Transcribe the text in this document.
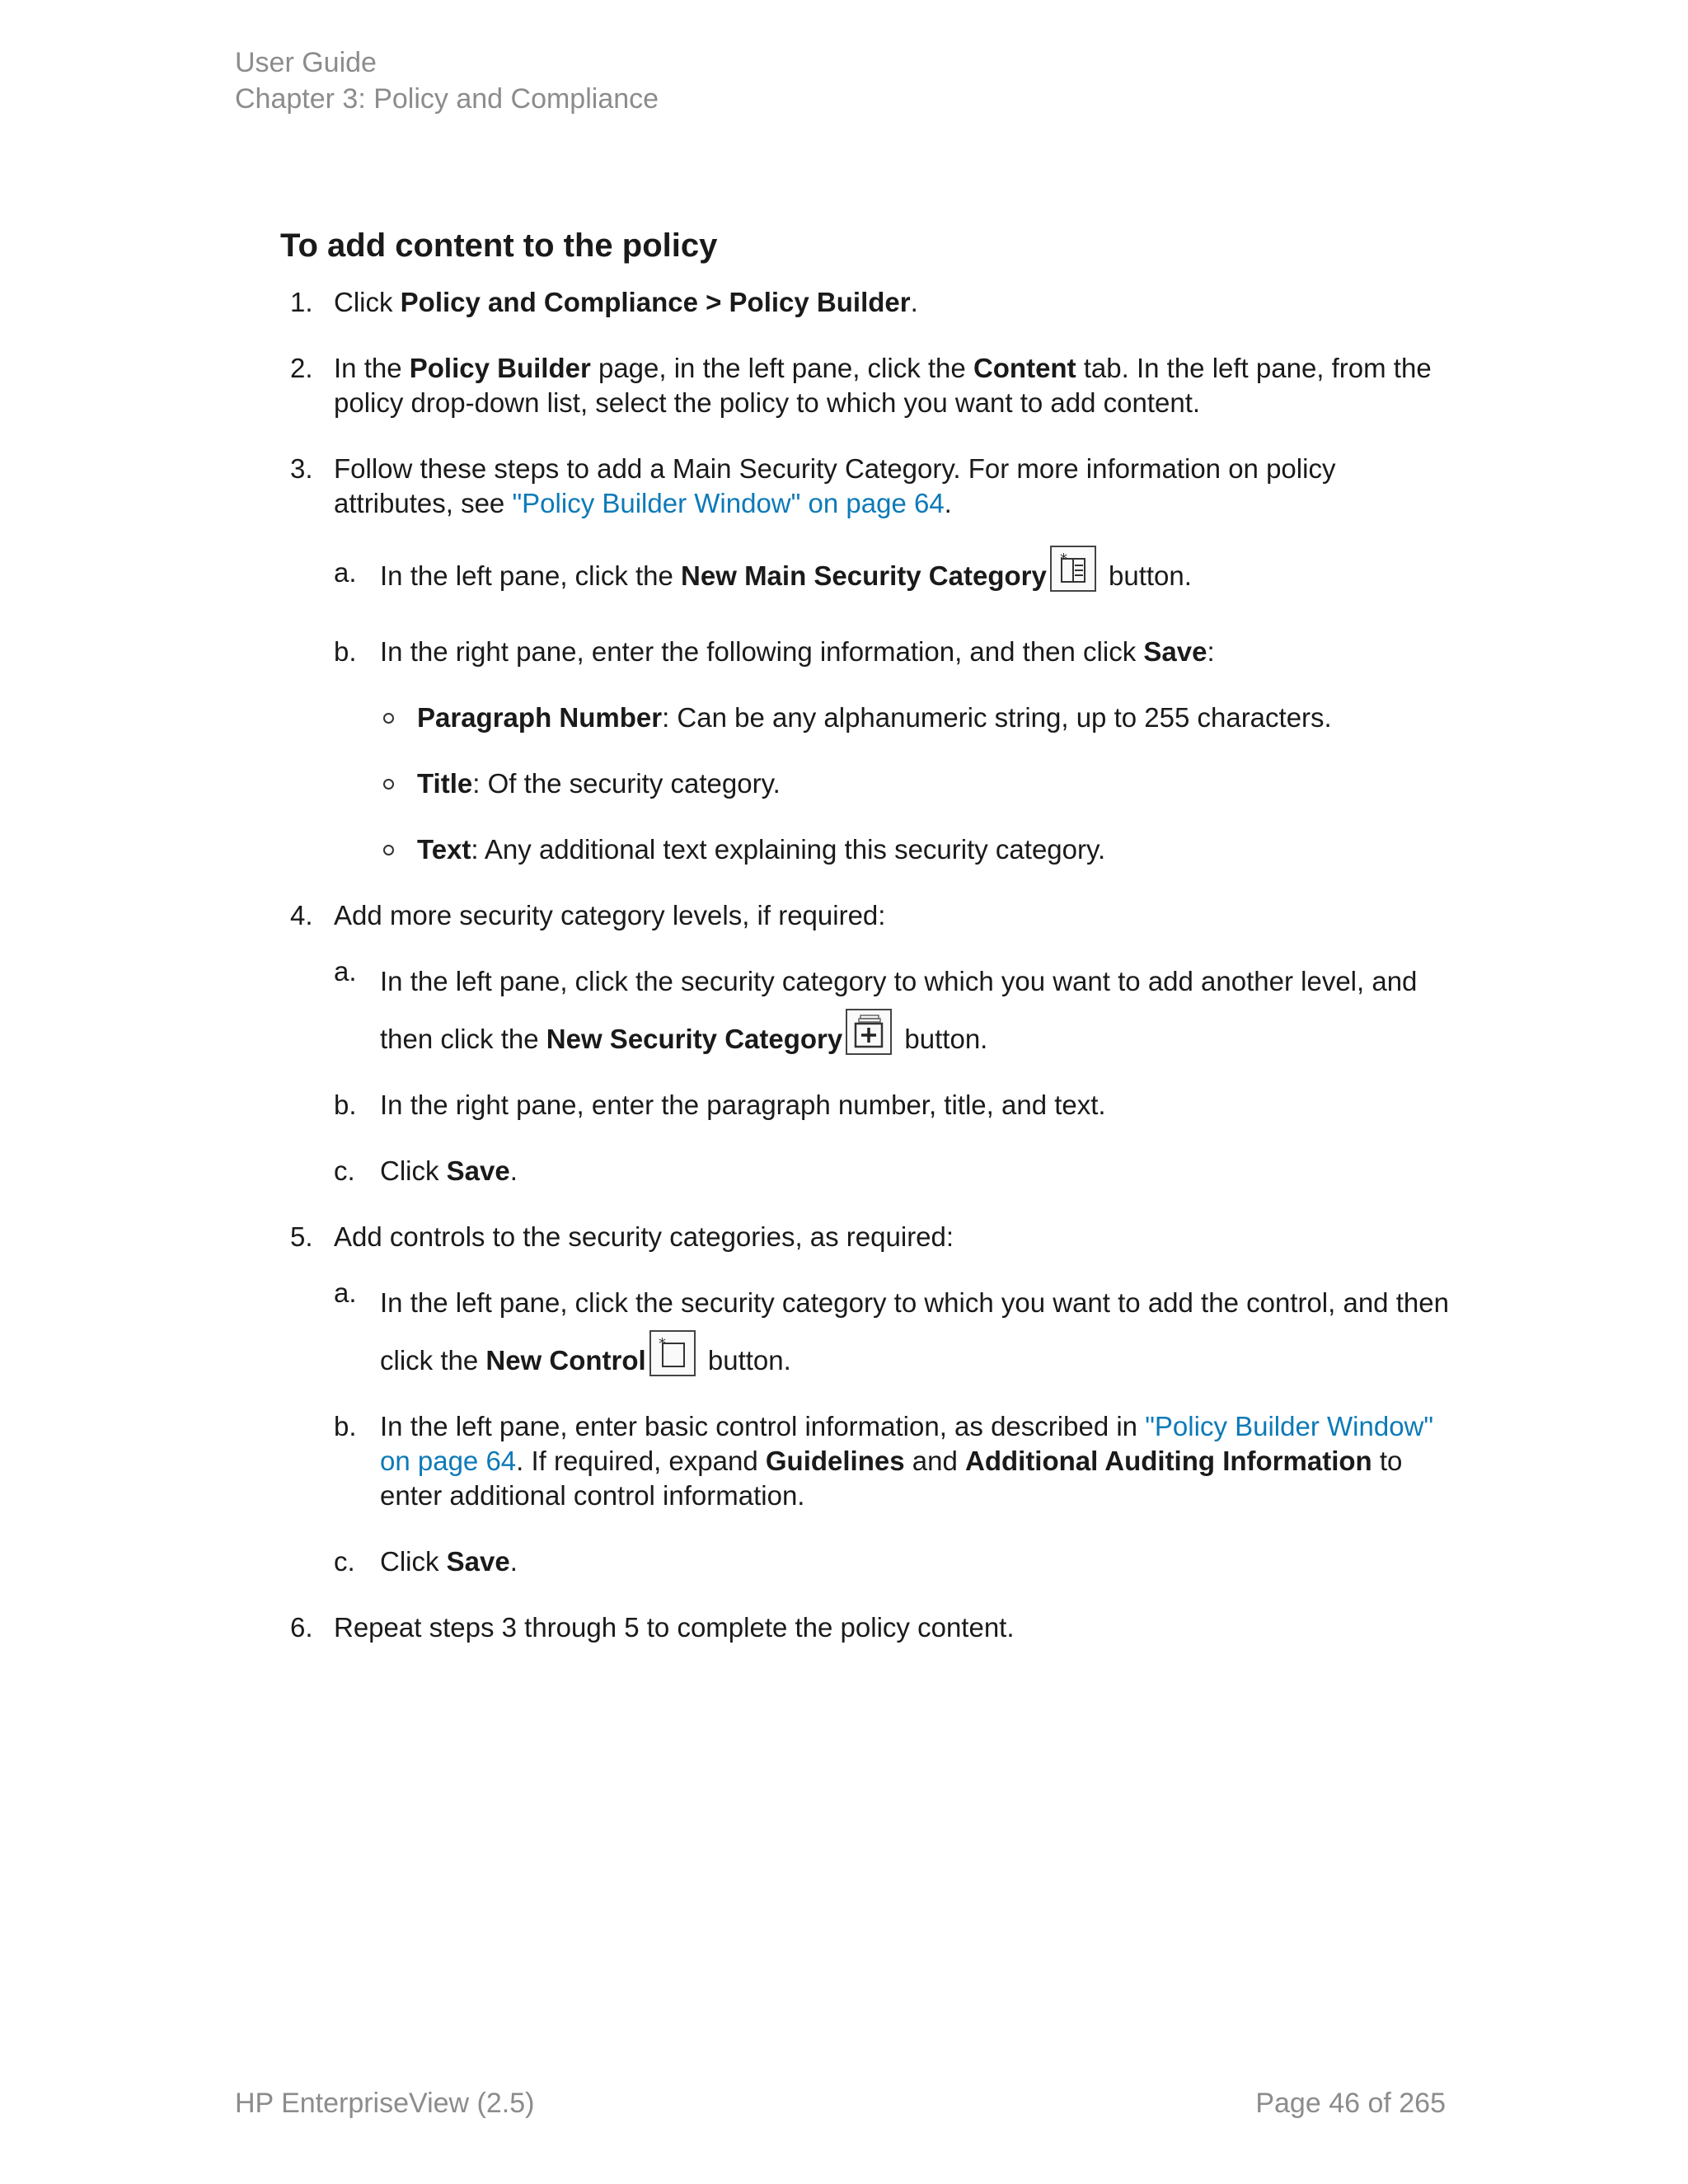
User Guide
Chapter 3: Policy and Compliance
To add content to the policy
1. Click Policy and Compliance > Policy Builder.
2. In the Policy Builder page, in the left pane, click the Content tab. In the left pane, from the policy drop-down list, select the policy to which you want to add content.
3. Follow these steps to add a Main Security Category. For more information on policy attributes, see "Policy Builder Window" on page 64.
a. In the left pane, click the New Main Security Category
*
button.
b. In the right pane, enter the following information, and then click Save:
Paragraph Number: Can be any alphanumeric string, up to 255 characters.
Title: Of the security category.
Text: Any additional text explaining this security category.
4. Add more security category levels, if required:
a. In the left pane, click the security category to which you want to add another level, and then click the New Security Category
button.
b. In the right pane, enter the paragraph number, title, and text.
c. Click Save.
5. Add controls to the security categories, as required:
a. In the left pane, click the security category to which you want to add the control, and then click the New Control
*
button.
b. In the left pane, enter basic control information, as described in "Policy Builder Window" on page 64. If required, expand Guidelines and Additional Auditing Information to enter additional control information.
c. Click Save.
6. Repeat steps 3 through 5 to complete the policy content.
HP EnterpriseView (2.5)	Page 46 of 265
